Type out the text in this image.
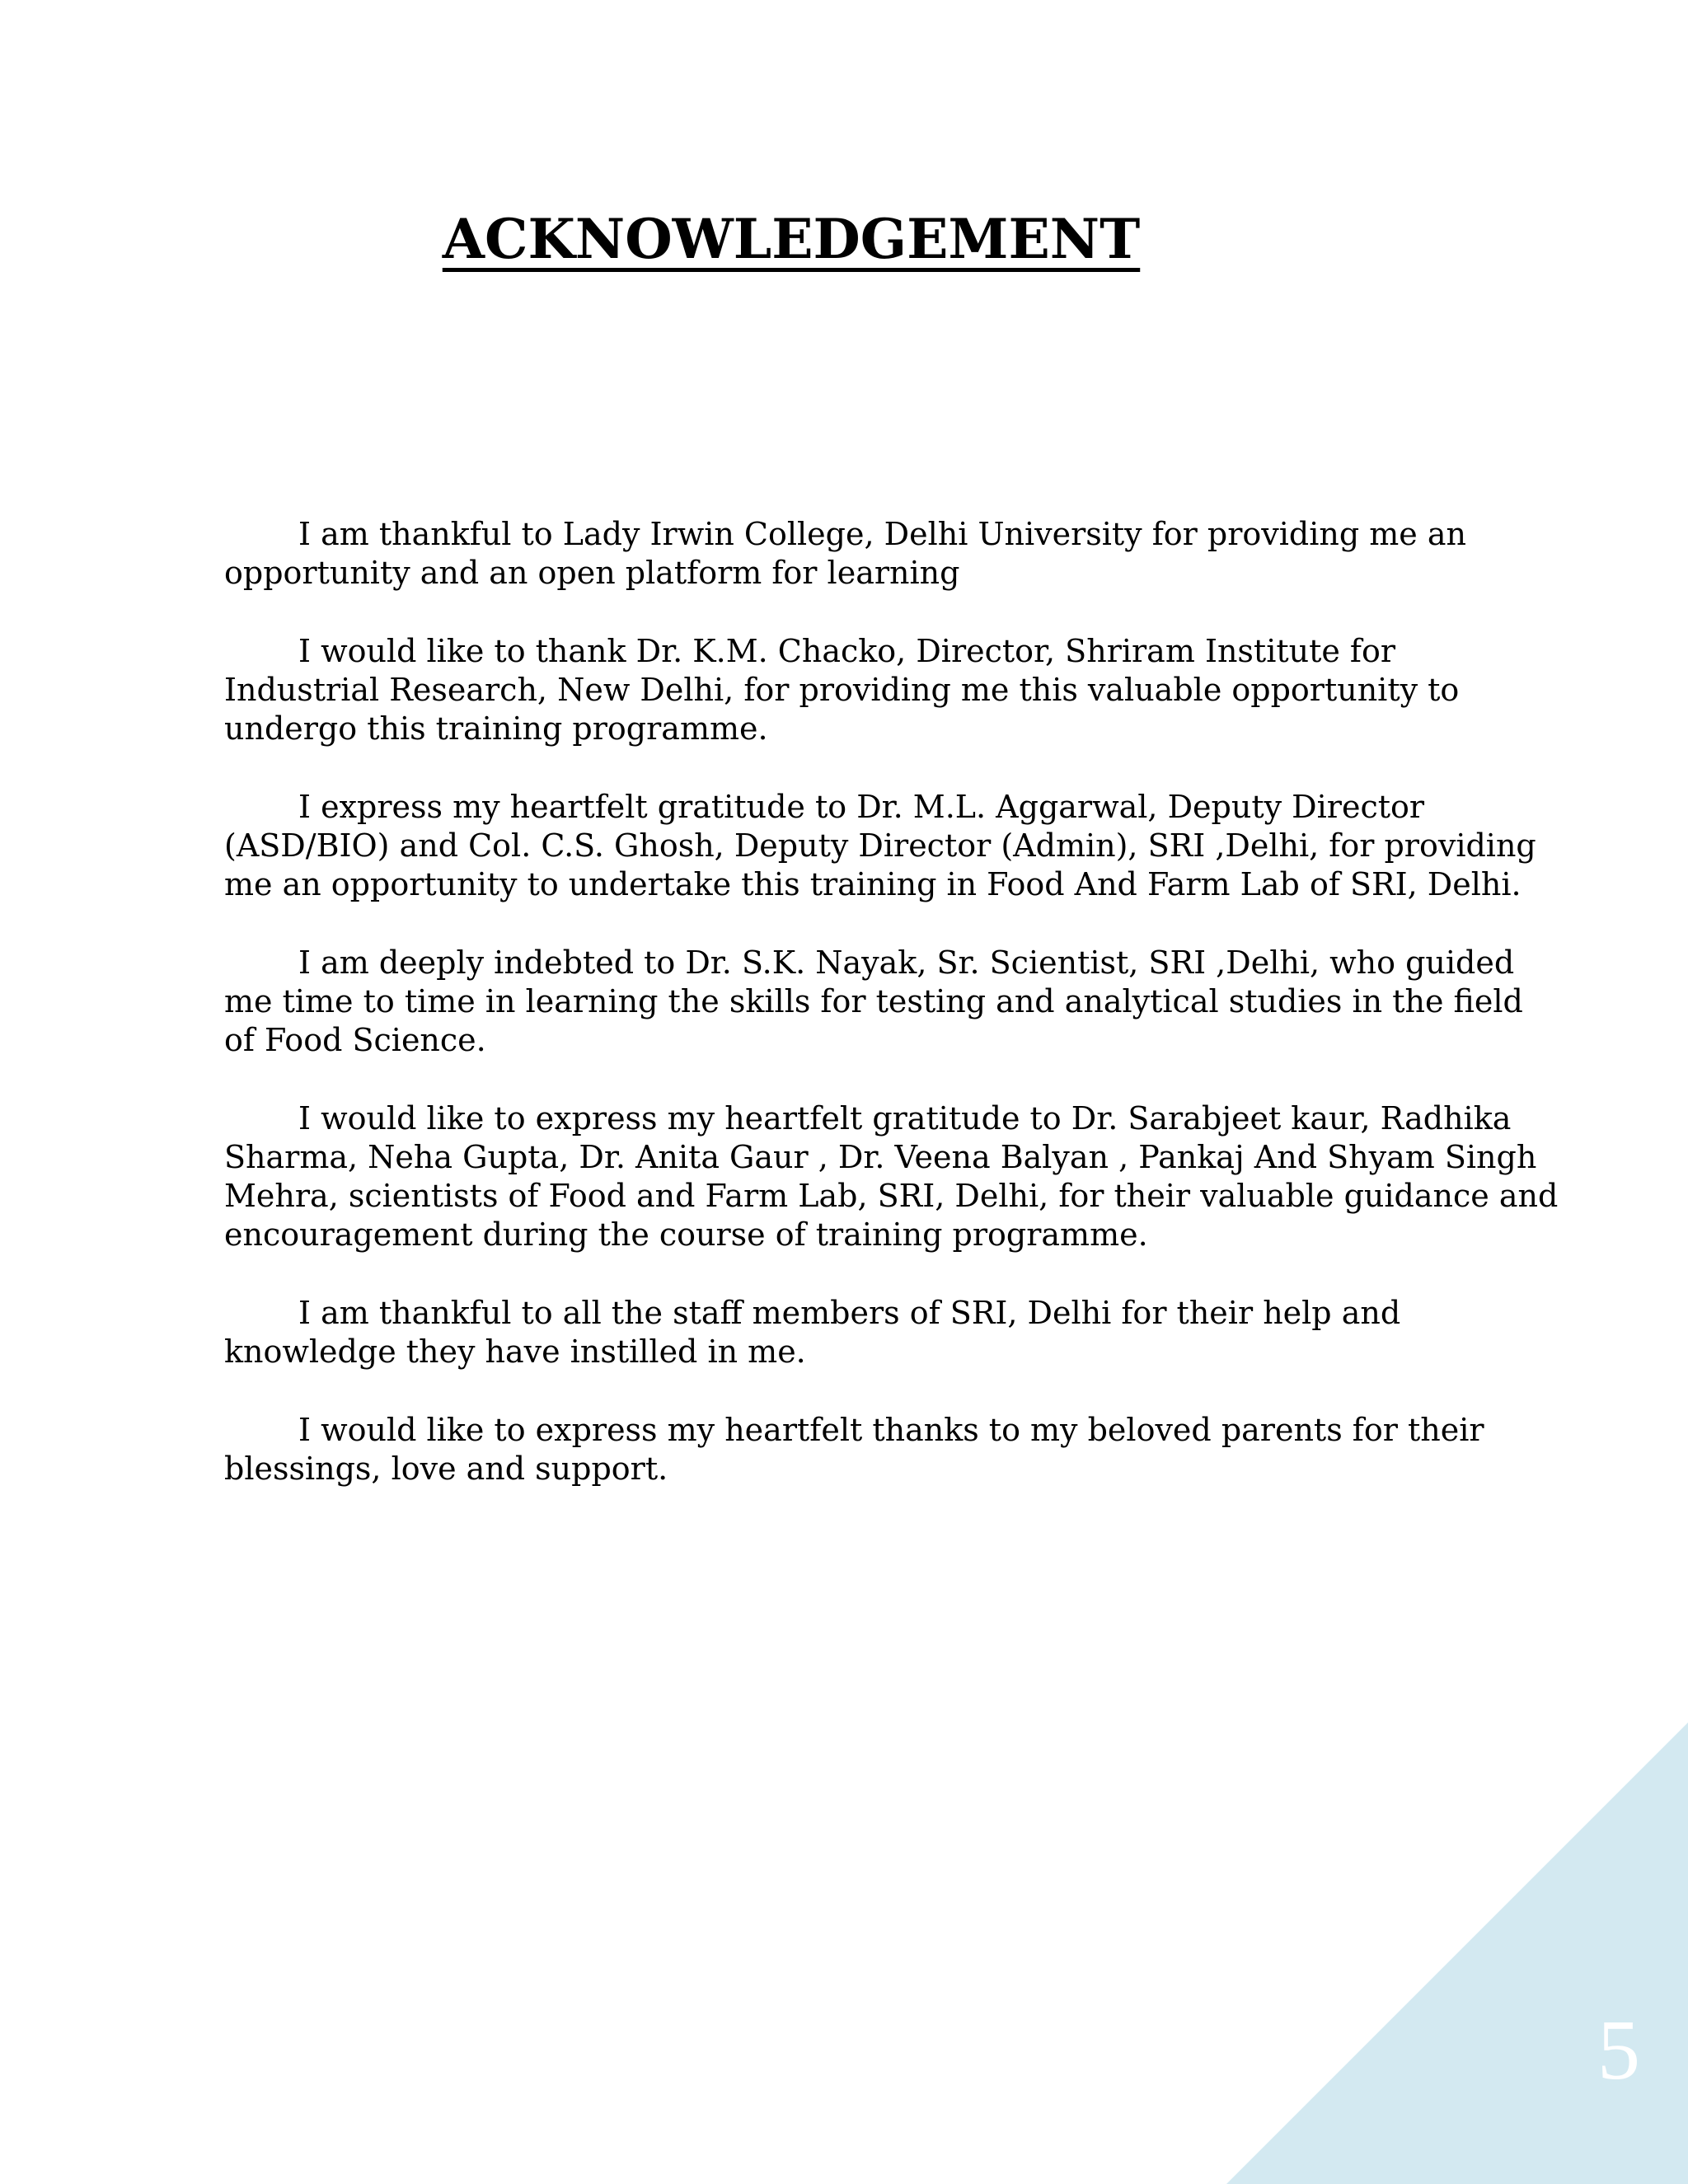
ACKNOWLEDGEMENT

I am thankful to Lady Irwin College, Delhi University for providing me an opportunity and an open platform for learning

I would like to thank Dr. K.M. Chacko, Director, Shriram Institute for Industrial Research, New Delhi, for providing me this valuable opportunity to undergo this training programme.

I express my heartfelt gratitude to Dr. M.L. Aggarwal, Deputy Director (ASD/BIO) and Col. C.S. Ghosh, Deputy Director (Admin), SRI ,Delhi, for providing me an opportunity to undertake this training in Food And Farm Lab of SRI, Delhi.

I am deeply indebted to Dr. S.K. Nayak, Sr. Scientist, SRI ,Delhi, who guided me time to time in learning the skills for testing and analytical studies in the field of Food Science.

I would like to express my heartfelt gratitude to Dr. Sarabjeet kaur, Radhika Sharma, Neha Gupta, Dr. Anita Gaur , Dr. Veena Balyan , Pankaj And Shyam Singh Mehra, scientists of Food and Farm Lab, SRI, Delhi, for their valuable guidance and encouragement during the course of training programme.

I am thankful to all the staff members of SRI, Delhi for their help and knowledge they have instilled in me.

I would like to express my heartfelt thanks to my beloved parents for their blessings, love and support.

5
